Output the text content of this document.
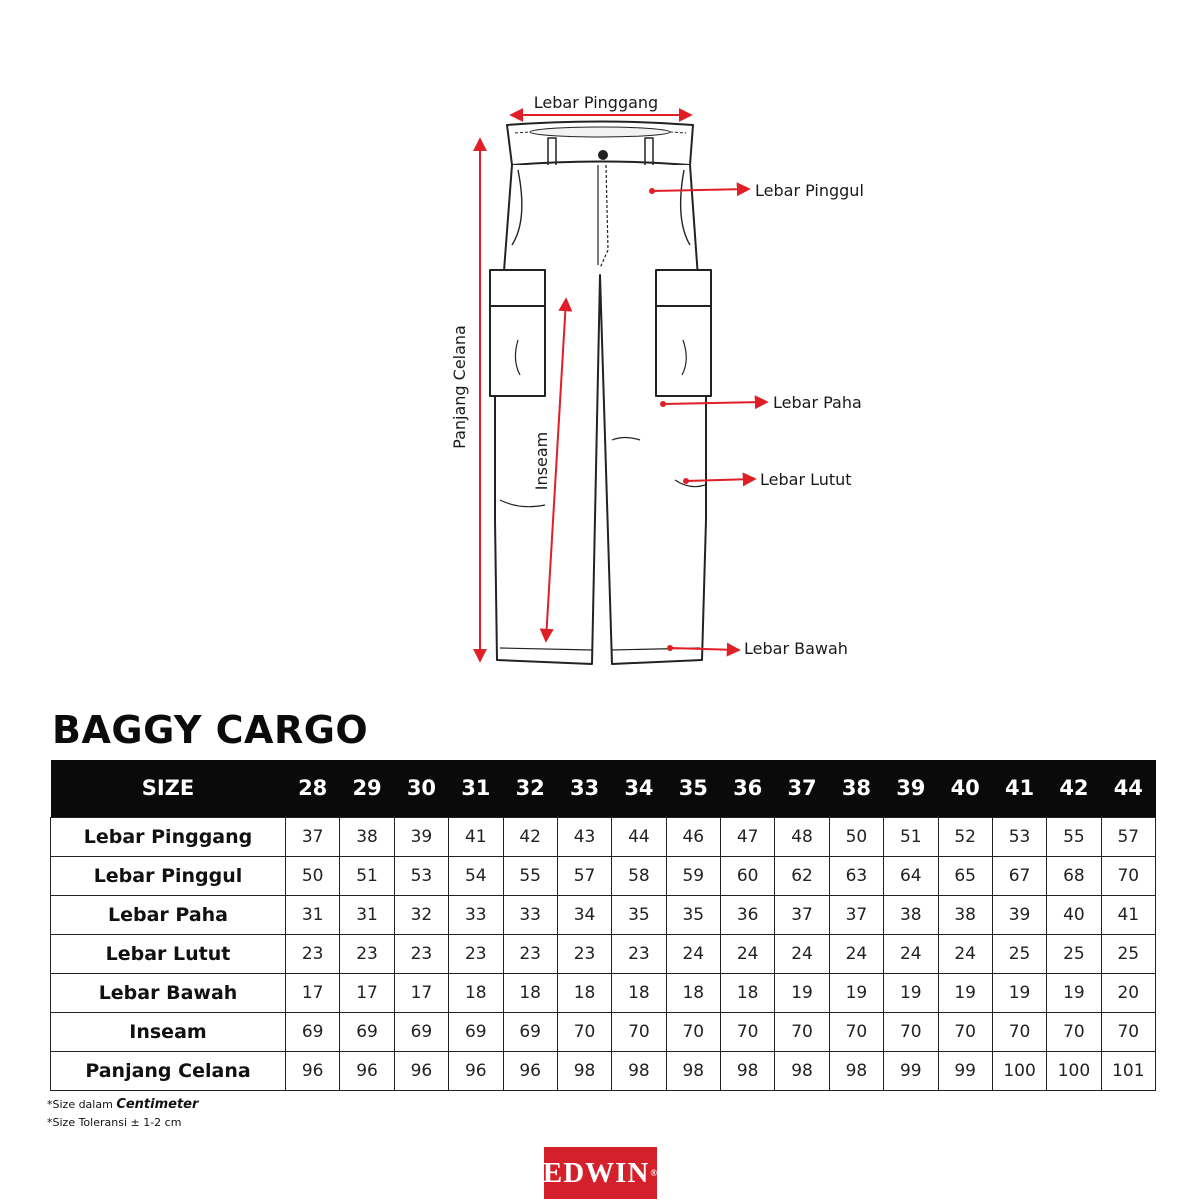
Lebar Pinggang
Lebar Pinggul
Panjang Celana
Inseam
Lebar Paha
Lebar Lutut
Lebar Bawah
BAGGY CARGO
SIZE	28	29	30	31	32	33	34	35	36	37	38	39	40	41	42	44
Lebar Pinggang	37	38	39	41	42	43	44	46	47	48	50	51	52	53	55	57
Lebar Pinggul	50	51	53	54	55	57	58	59	60	62	63	64	65	67	68	70
Lebar Paha	31	31	32	33	33	34	35	35	36	37	37	38	38	39	40	41
Lebar Lutut	23	23	23	23	23	23	23	24	24	24	24	24	24	25	25	25
Lebar Bawah	17	17	17	18	18	18	18	18	18	19	19	19	19	19	19	20
Inseam	69	69	69	69	69	70	70	70	70	70	70	70	70	70	70	70
Panjang Celana	96	96	96	96	96	98	98	98	98	98	98	99	99	100	100	101
*Size dalam Centimeter
*Size Toleransi ± 1-2 cm
EDWIN ®
